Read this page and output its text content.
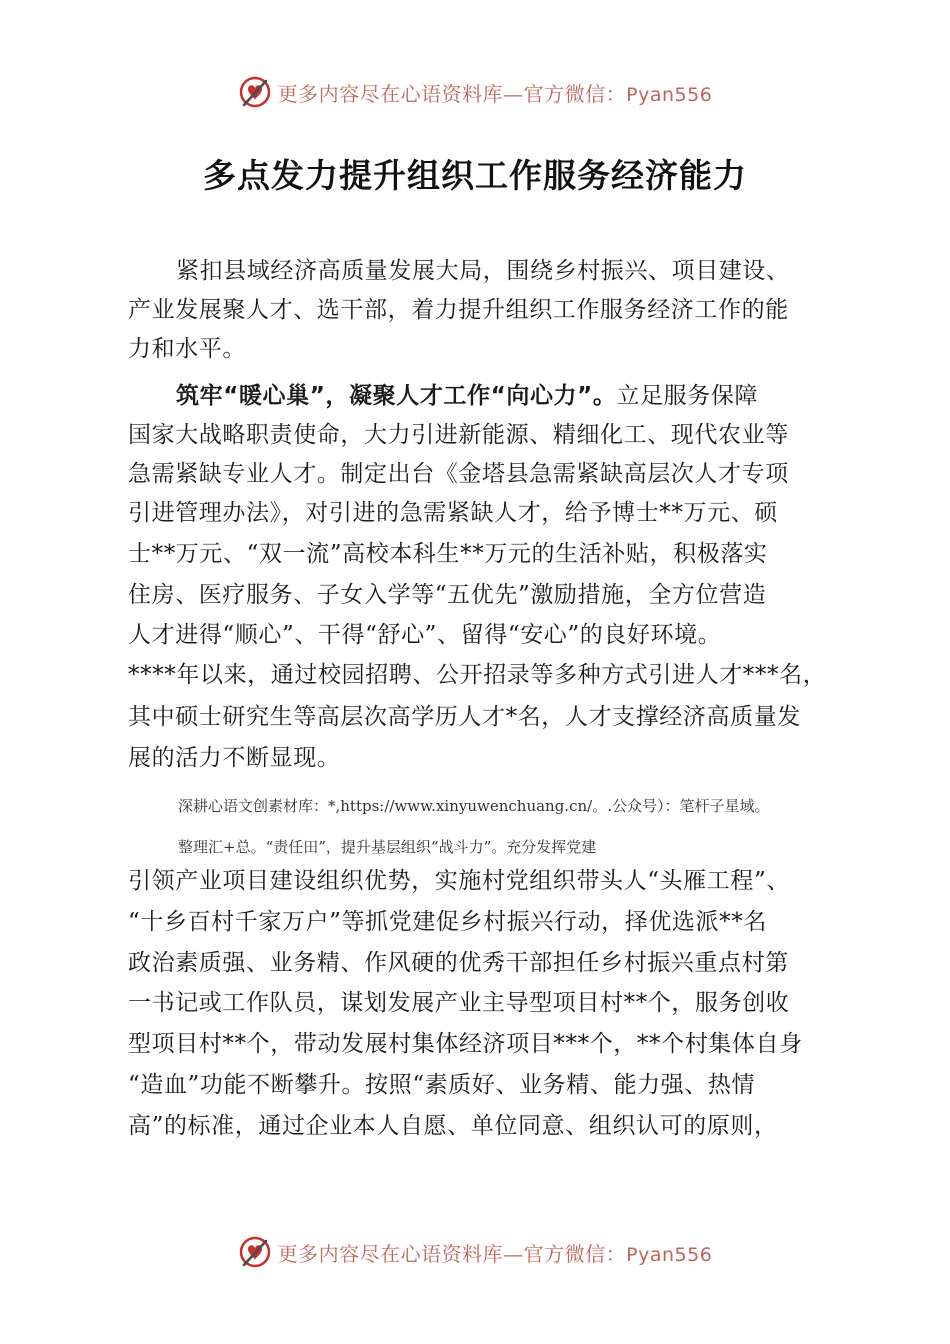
更多内容尽在心语资料库—官方微信：Pyan556
多点发力提升组织工作服务经济能力
紧扣县域经济高质量发展大局，围绕乡村振兴、项目建设、
产业发展聚人才、选干部，着力提升组织工作服务经济工作的能
力和水平。
筑牢“暖心巢”，凝聚人才工作“向心力”。立足服务保障
国家大战略职责使命，大力引进新能源、精细化工、现代农业等
急需紧缺专业人才。制定出台《金塔县急需紧缺高层次人才专项
引进管理办法》，对引进的急需紧缺人才，给予博士**万元、硕
士**万元、“双一流”高校本科生**万元的生活补贴，积极落实
住房、医疗服务、子女入学等“五优先”激励措施，全方位营造
人才进得“顺心”、干得“舒心”、留得“安心”的良好环境。
****年以来，通过校园招聘、公开招录等多种方式引进人才***名，
其中硕士研究生等高层次高学历人才*名，人才支撑经济高质量发
展的活力不断显现。
深耕心语文创素材库：*,https://www.xinyuwenchuang.cn/。.公众号）：笔杆子星域。
整理汇+总。“责任田”，提升基层组织“战斗力”。充分发挥党建
引领产业项目建设组织优势，实施村党组织带头人“头雁工程”、
“十乡百村千家万户”等抓党建促乡村振兴行动，择优选派**名
政治素质强、业务精、作风硬的优秀干部担任乡村振兴重点村第
一书记或工作队员，谋划发展产业主导型项目村**个，服务创收
型项目村**个，带动发展村集体经济项目***个，**个村集体自身
“造血”功能不断攀升。按照“素质好、业务精、能力强、热情
高”的标准，通过企业本人自愿、单位同意、组织认可的原则，
更多内容尽在心语资料库—官方微信：Pyan556
